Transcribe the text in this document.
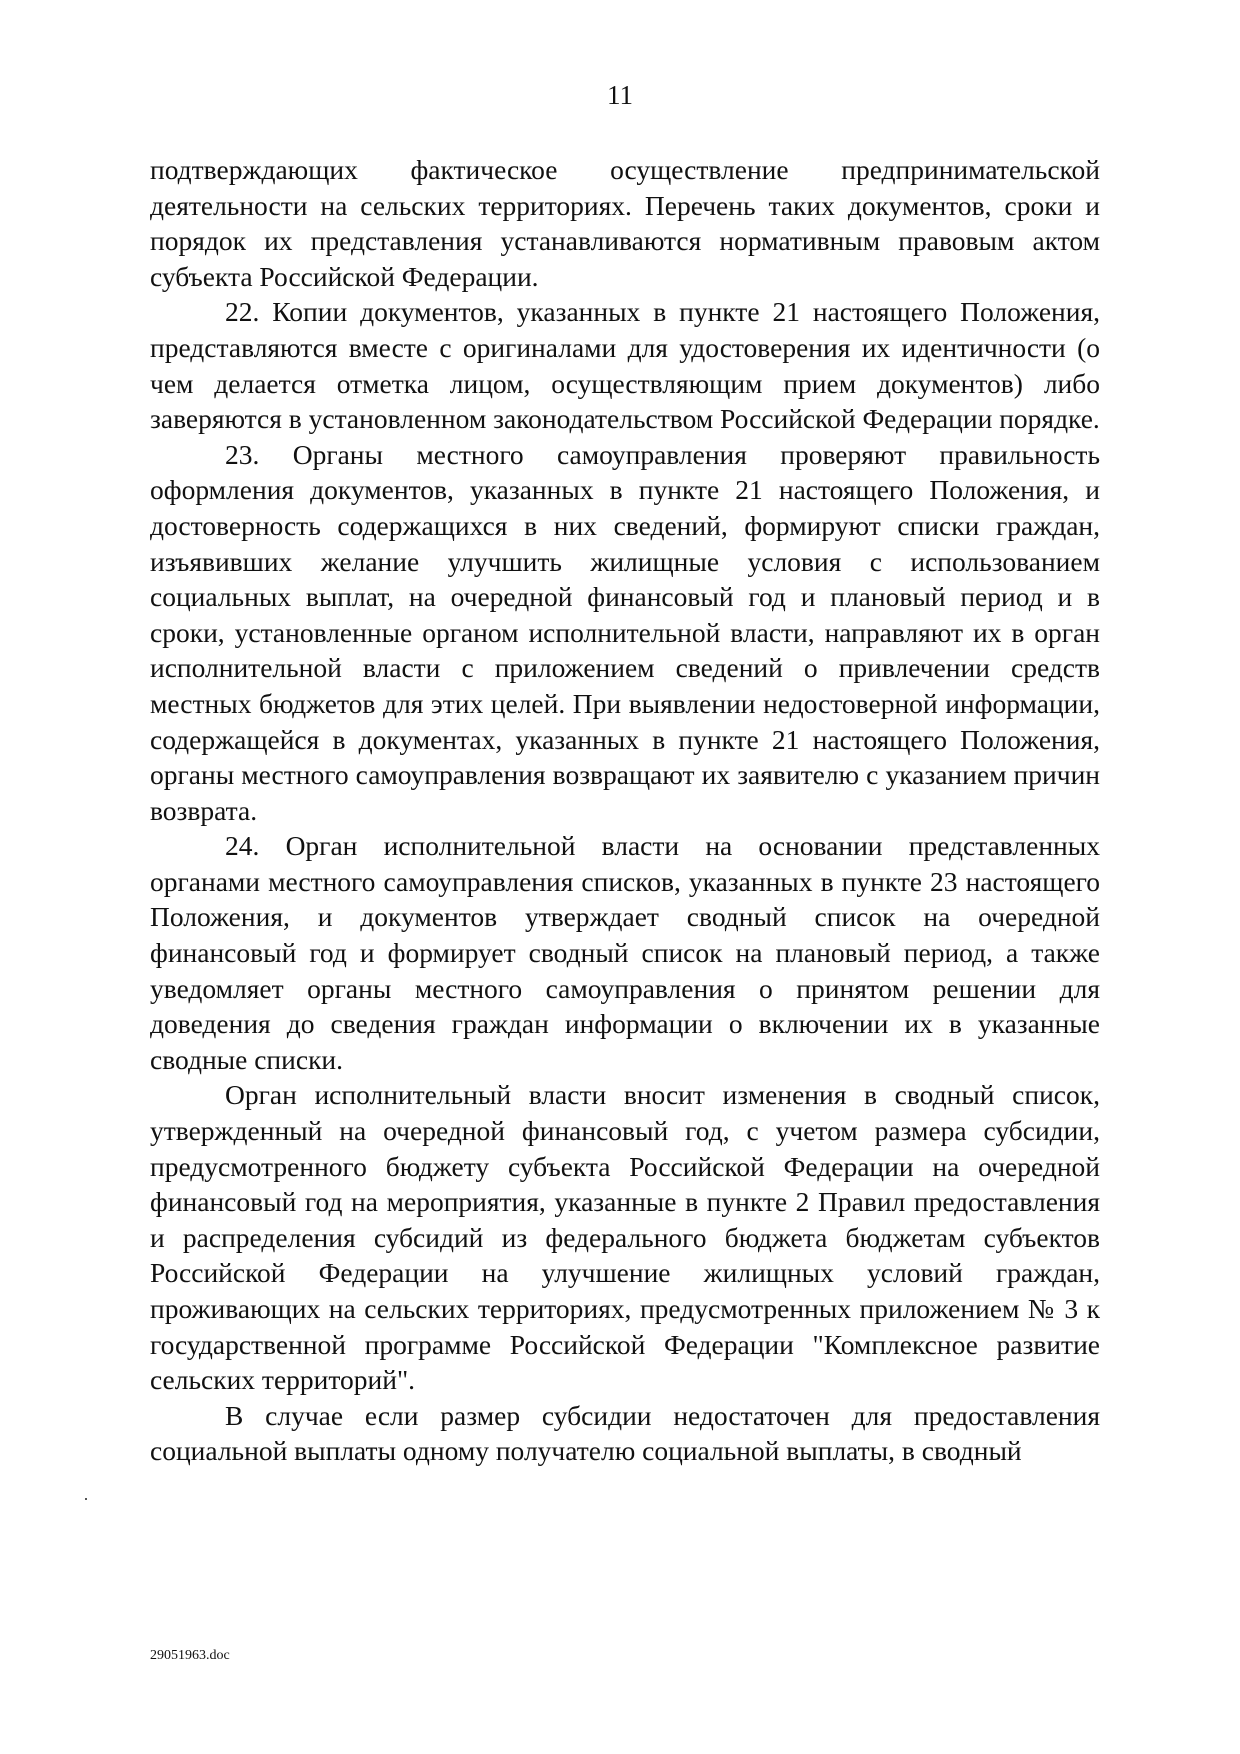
11

подтверждающих фактическое осуществление предпринимательской деятельности на сельских территориях. Перечень таких документов, сроки и порядок их представления устанавливаются нормативным правовым актом субъекта Российской Федерации.

22. Копии документов, указанных в пункте 21 настоящего Положения, представляются вместе с оригиналами для удостоверения их идентичности (о чем делается отметка лицом, осуществляющим прием документов) либо заверяются в установленном законодательством Российской Федерации порядке.

23. Органы местного самоуправления проверяют правильность оформления документов, указанных в пункте 21 настоящего Положения, и достоверность содержащихся в них сведений, формируют списки граждан, изъявивших желание улучшить жилищные условия с использованием социальных выплат, на очередной финансовый год и плановый период и в сроки, установленные органом исполнительной власти, направляют их в орган исполнительной власти с приложением сведений о привлечении средств местных бюджетов для этих целей. При выявлении недостоверной информации, содержащейся в документах, указанных в пункте 21 настоящего Положения, органы местного самоуправления возвращают их заявителю с указанием причин возврата.

24. Орган исполнительной власти на основании представленных органами местного самоуправления списков, указанных в пункте 23 настоящего Положения, и документов утверждает сводный список на очередной финансовый год и формирует сводный список на плановый период, а также уведомляет органы местного самоуправления о принятом решении для доведения до сведения граждан информации о включении их в указанные сводные списки.

Орган исполнительный власти вносит изменения в сводный список, утвержденный на очередной финансовый год, с учетом размера субсидии, предусмотренного бюджету субъекта Российской Федерации на очередной финансовый год на мероприятия, указанные в пункте 2 Правил предоставления и распределения субсидий из федерального бюджета бюджетам субъектов Российской Федерации на улучшение жилищных условий граждан, проживающих на сельских территориях, предусмотренных приложением № 3 к государственной программе Российской Федерации "Комплексное развитие сельских территорий".

В случае если размер субсидии недостаточен для предоставления социальной выплаты одному получателю социальной выплаты, в сводный

29051963.doc
